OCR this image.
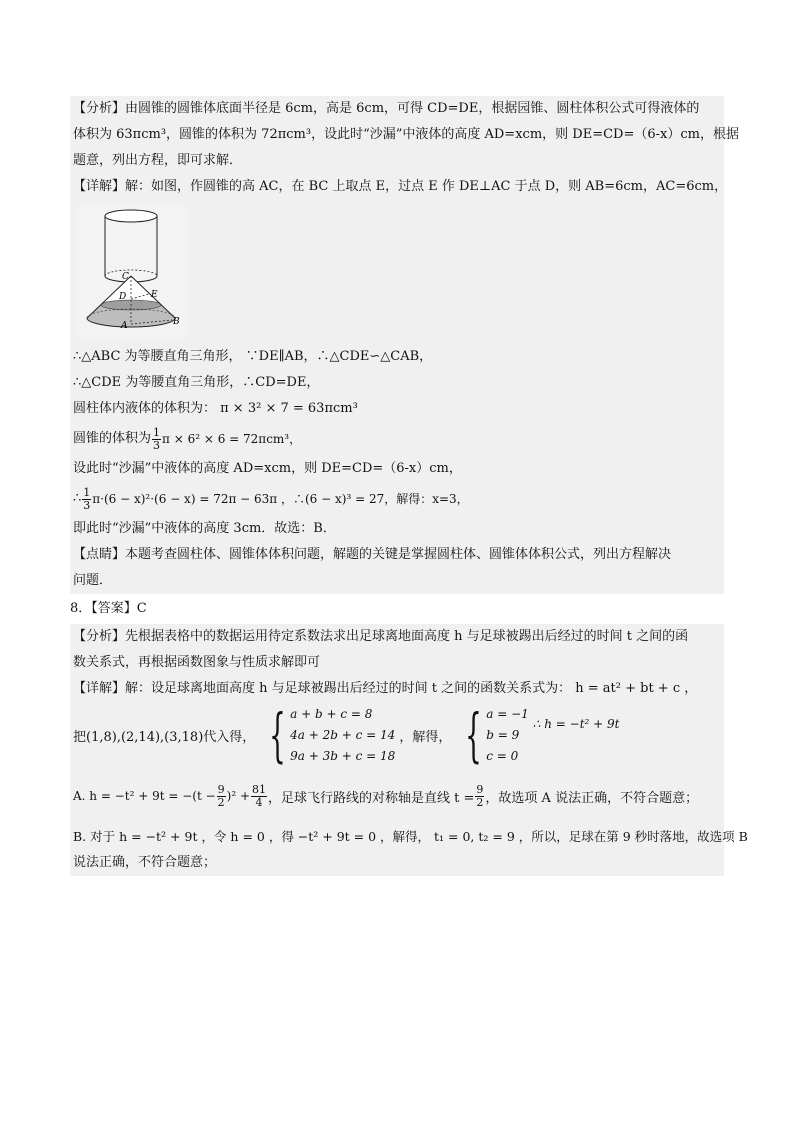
【分析】由圆锥的圆锥体底面半径是 6cm，高是 6cm，可得 CD=DE，根据园锥、圆柱体积公式可得液体的
体积为 63πcm³，圆锥的体积为 72πcm³，设此时“沙漏”中液体的高度 AD=xcm，则 DE=CD=（6-x）cm，根据
题意，列出方程，即可求解．
【详解】解：如图，作圆锥的高 AC，在 BC 上取点 E，过点 E 作 DE⊥AC 于点 D，则 AB=6cm，AC=6cm，
C
D	E
A	B
∴△ABC 为等腰直角三角形， ∵DE∥AB，∴△CDE∽△CAB，
∴△CDE 为等腰直角三角形，∴CD=DE，
圆柱体内液体的体积为： π × 3² × 7 = 63πcm³
圆锥的体积为 $\frac{1}{3}$ π × 6² × 6 = 72πcm³，
设此时“沙漏”中液体的高度 AD=xcm，则 DE=CD=（6-x）cm，
∴ $\frac{1}{3} \pi\cdot(6 - x)^2\cdot(6 - x) = 72\pi - 63\pi$ ，∴(6 − x)³ = 27，解得：x=3，
即此时“沙漏”中液体的高度 3cm．故选：B．
【点睛】本题考查圆柱体、圆锥体体积问题，解题的关键是掌握圆柱体、圆锥体体积公式，列出方程解决
问题．
8．【答案】C
【分析】先根据表格中的数据运用待定系数法求出足球离地面高度 h 与足球被踢出后经过的时间 t 之间的函
数关系式，再根据函数图象与性质求解即可
【详解】解：设足球离地面高度 h 与足球被踢出后经过的时间 t 之间的函数关系式为： h = at² + bt + c ，
把(1,8),(2,14),(3,18)代入得， { a + b + c = 8
4a + 2b + c = 14
9a + 3b + c = 18
，解得， { a = −1
b = 9
c = 0
∴ h = −t² + 9t
A. $h = -t^2 + 9t = -(t - \frac{9}{2} )^2 + \frac{81}{4}$ ，足球飞行路线的对称轴是直线 $t = \frac{9}{2}$ ，故选项 A 说法正确，不符合题意；
B. 对于 h = −t² + 9t ，令 h = 0 ，得 −t² + 9t = 0 ，解得， t₁ = 0, t₂ = 9 ，所以，足球在第 9 秒时落地，故选项 B
说法正确，不符合题意；
